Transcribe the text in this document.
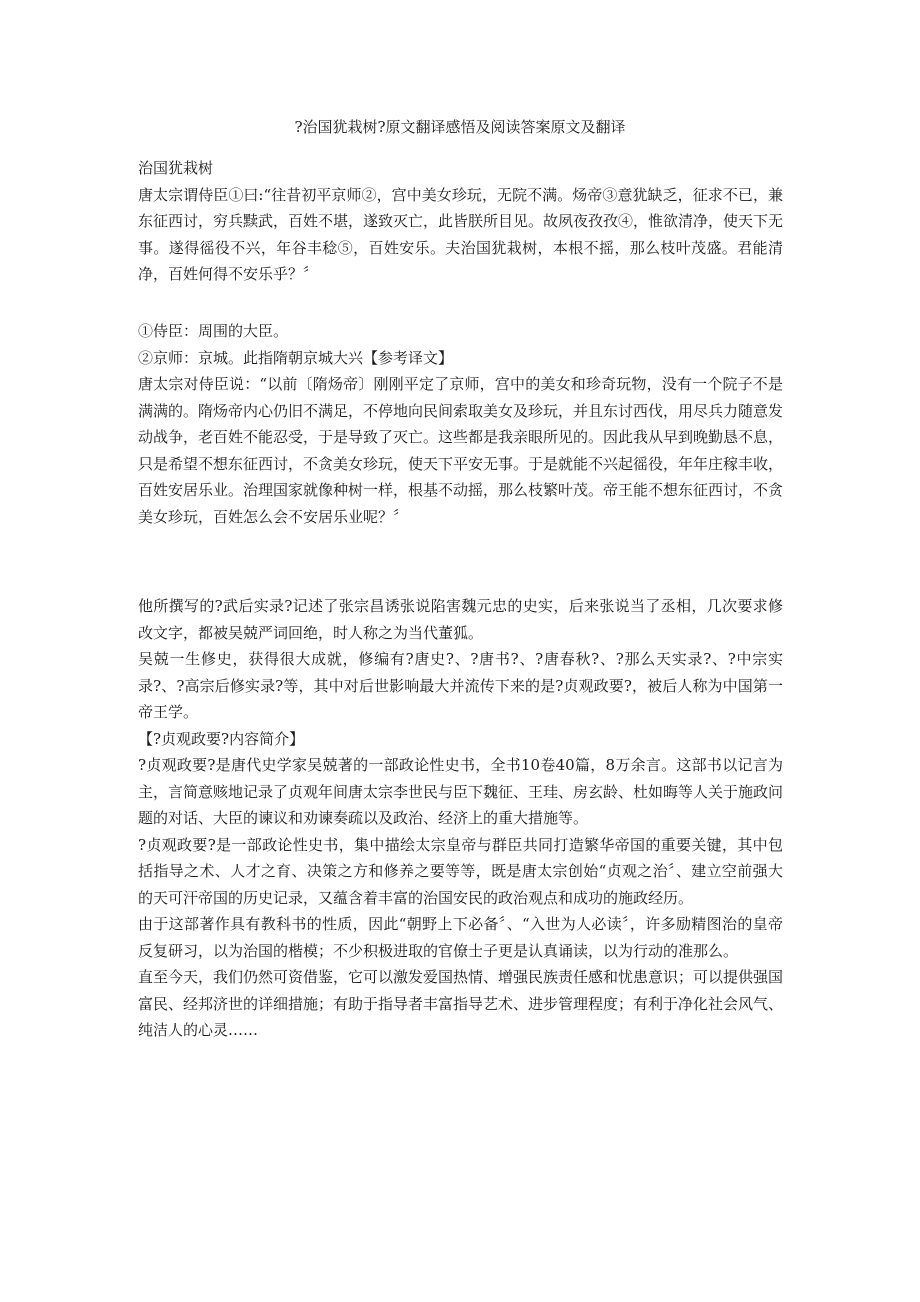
?治国犹栽树?原文翻译感悟及阅读答案原文及翻译

治国犹栽树

唐太宗谓侍臣①曰:“往昔初平京师②，宫中美女珍玩，无院不满。炀帝③意犹缺乏，征求不已，兼东征西讨，穷兵黩武，百姓不堪，遂致灭亡，此皆朕所目见。故夙夜孜孜④，惟欲清净，使天下无事。遂得徭役不兴，年谷丰稔⑤，百姓安乐。夫治国犹栽树，本根不摇，那么枝叶茂盛。君能清净，百姓何得不安乐乎？〞

①侍臣：周围的大臣。

②京师：京城。此指隋朝京城大兴【参考译文】

唐太宗对侍臣说：“以前〔隋炀帝〕刚刚平定了京师，宫中的美女和珍奇玩物，没有一个院子不是满满的。隋炀帝内心仍旧不满足，不停地向民间索取美女及珍玩，并且东讨西伐，用尽兵力随意发动战争，老百姓不能忍受，于是导致了灭亡。这些都是我亲眼所见的。因此我从早到晚勤恳不息，只是希望不想东征西讨，不贪美女珍玩，使天下平安无事。于是就能不兴起徭役，年年庄稼丰收，百姓安居乐业。治理国家就像种树一样，根基不动摇，那么枝繁叶茂。帝王能不想东征西讨，不贪美女珍玩，百姓怎么会不安居乐业呢？〞

他所撰写的?武后实录?记述了张宗昌诱张说陷害魏元忠的史实，后来张说当了丞相，几次要求修改文字，都被吴兢严词回绝，时人称之为当代董狐。

吴兢一生修史，获得很大成就，修编有?唐史?、?唐书?、?唐春秋?、?那么天实录?、?中宗实录?、?高宗后修实录?等，其中对后世影响最大并流传下来的是?贞观政要?，被后人称为中国第一帝王学。

【?贞观政要?内容简介】

?贞观政要?是唐代史学家吴兢著的一部政论性史书，全书10卷40篇，8万余言。这部书以记言为主，言简意赅地记录了贞观年间唐太宗李世民与臣下魏征、王珪、房玄龄、杜如晦等人关于施政问题的对话、大臣的谏议和劝谏奏疏以及政治、经济上的重大措施等。

?贞观政要?是一部政论性史书，集中描绘太宗皇帝与群臣共同打造繁华帝国的重要关键，其中包括指导之术、人才之育、决策之方和修养之要等等，既是唐太宗创始“贞观之治〞、建立空前强大的天可汗帝国的历史记录，又蕴含着丰富的治国安民的政治观点和成功的施政经历。

由于这部著作具有教科书的性质，因此“朝野上下必备〞、“入世为人必读〞，许多励精图治的皇帝反复研习，以为治国的楷模；不少积极进取的官僚士子更是认真诵读，以为行动的准那么。

直至今天，我们仍然可资借鉴，它可以激发爱国热情、增强民族责任感和忧患意识；可以提供强国富民、经邦济世的详细措施；有助于指导者丰富指导艺术、进步管理程度；有利于净化社会风气、纯洁人的心灵……
